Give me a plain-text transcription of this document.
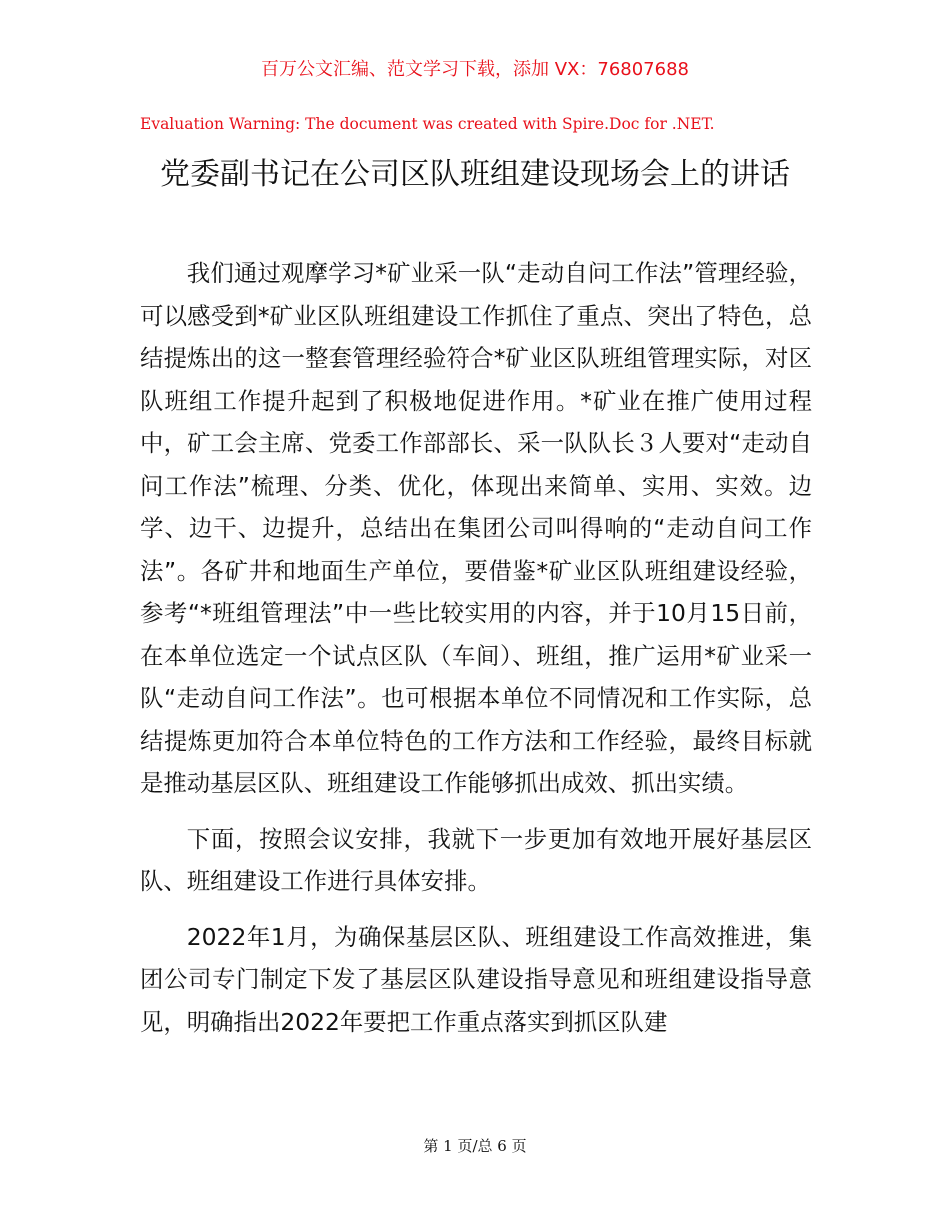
百万公文汇编、范文学习下载，添加 VX：76807688
Evaluation Warning: The document was created with Spire.Doc for .NET.
党委副书记在公司区队班组建设现场会上的讲话

我们通过观摩学习*矿业采一队“走动自问工作法”管理经验，可以感受到*矿业区队班组建设工作抓住了重点、突出了特色，总结提炼出的这一整套管理经验符合*矿业区队班组管理实际，对区队班组工作提升起到了积极地促进作用。*矿业在推广使用过程中，矿工会主席、党委工作部部长、采一队队长３人要对“走动自问工作法”梳理、分类、优化，体现出来简单、实用、实效。边学、边干、边提升，总结出在集团公司叫得响的“走动自问工作法”。各矿井和地面生产单位，要借鉴*矿业区队班组建设经验，参考“*班组管理法”中一些比较实用的内容，并于10月15日前，在本单位选定一个试点区队（车间）、班组，推广运用*矿业采一队“走动自问工作法”。也可根据本单位不同情况和工作实际，总结提炼更加符合本单位特色的工作方法和工作经验，最终目标就是推动基层区队、班组建设工作能够抓出成效、抓出实绩。

下面，按照会议安排，我就下一步更加有效地开展好基层区队、班组建设工作进行具体安排。

2022年1月，为确保基层区队、班组建设工作高效推进，集团公司专门制定下发了基层区队建设指导意见和班组建设指导意见，明确指出2022年要把工作重点落实到抓区队建

第 1 页/总 6 页
